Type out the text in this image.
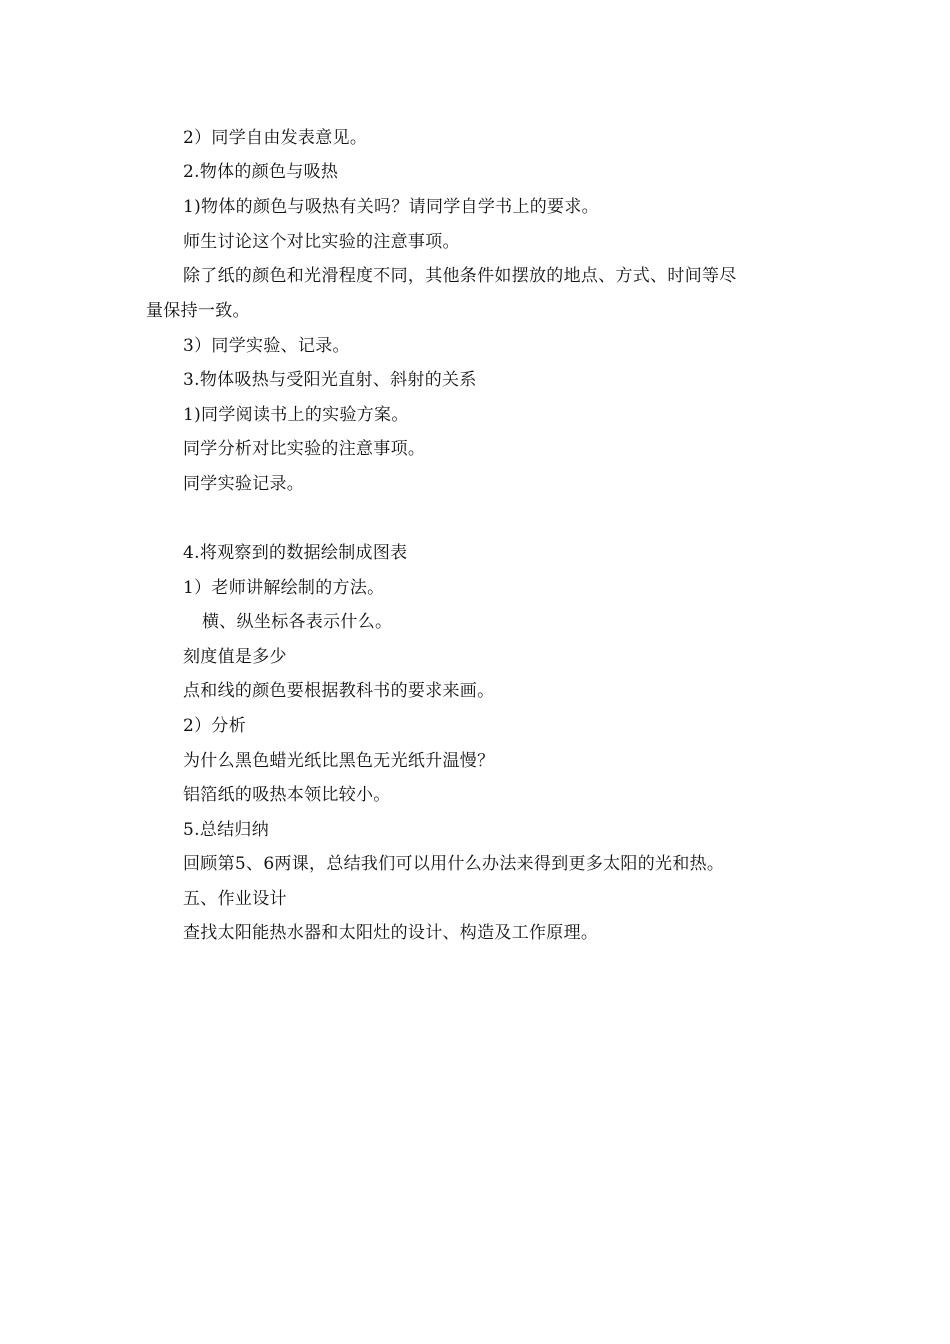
2）同学自由发表意见。
2.物体的颜色与吸热
1)物体的颜色与吸热有关吗？请同学自学书上的要求。
师生讨论这个对比实验的注意事项。
除了纸的颜色和光滑程度不同，其他条件如摆放的地点、方式、时间等尽
量保持一致。
3）同学实验、记录。
3.物体吸热与受阳光直射、斜射的关系
1)同学阅读书上的实验方案。
同学分析对比实验的注意事项。
同学实验记录。
4.将观察到的数据绘制成图表
1）老师讲解绘制的方法。
横、纵坐标各表示什么。
刻度值是多少
点和线的颜色要根据教科书的要求来画。
2）分析
为什么黑色蜡光纸比黑色无光纸升温慢？
铝箔纸的吸热本领比较小。
5.总结归纳
回顾第5、6两课，总结我们可以用什么办法来得到更多太阳的光和热。
五、作业设计
查找太阳能热水器和太阳灶的设计、构造及工作原理。
